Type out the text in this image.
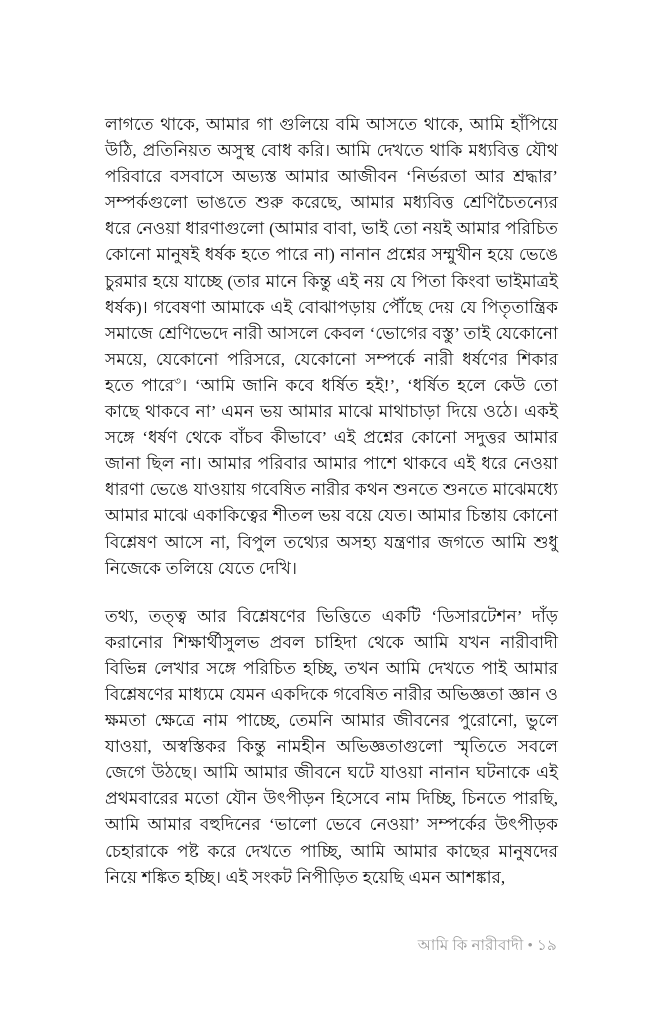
লাগতে থাকে, আমার গা গুলিয়ে বমি আসতে থাকে, আমি হাঁপিয়ে উঠি, প্রতিনিয়ত অসুস্থ বোধ করি। আমি দেখতে থাকি মধ্যবিত্ত যৌথ পরিবারে বসবাসে অভ্যস্ত আমার আজীবন ‘নির্ভরতা আর শ্রদ্ধার’ সম্পর্কগুলো ভাঙতে শুরু করেছে, আমার মধ্যবিত্ত শ্রেণিচৈতন্যের ধরে নেওয়া ধারণাগুলো (আমার বাবা, ভাই তো নয়ই আমার পরিচিত কোনো মানুষই ধর্ষক হতে পারে না) নানান প্রশ্নের সম্মুখীন হয়ে ভেঙে চুরমার হয়ে যাচ্ছে (তার মানে কিন্তু এই নয় যে পিতা কিংবা ভাইমাত্রই ধর্ষক)। গবেষণা আমাকে এই বোঝাপড়ায় পৌঁছে দেয় যে পিতৃতান্ত্রিক সমাজে শ্রেণিভেদে নারী আসলে কেবল ‘ভোগের বস্তু’ তাই যেকোনো সময়ে, যেকোনো পরিসরে, যেকোনো সম্পর্কে নারী ধর্ষণের শিকার হতে পারে$^৩$। ‘আমি জানি কবে ধর্ষিত হই!’, ‘ধর্ষিত হলে কেউ তো কাছে থাকবে না’ এমন ভয় আমার মাঝে মাথাচাড়া দিয়ে ওঠে। একই সঙ্গে ‘ধর্ষণ থেকে বাঁচব কীভাবে’ এই প্রশ্নের কোনো সদুত্তর আমার জানা ছিল না। আমার পরিবার আমার পাশে থাকবে এই ধরে নেওয়া ধারণা ভেঙে যাওয়ায় গবেষিত নারীর কথন শুনতে শুনতে মাঝেমধ্যে আমার মাঝে একাকিত্বের শীতল ভয় বয়ে যেত। আমার চিন্তায় কোনো বিশ্লেষণ আসে না, বিপুল তথ্যের অসহ্য যন্ত্রণার জগতে আমি শুধু নিজেকে তলিয়ে যেতে দেখি।

তথ্য, তত্ত্ব আর বিশ্লেষণের ভিত্তিতে একটি ‘ডিসারটেশন’ দাঁড় করানোর শিক্ষার্থীসুলভ প্রবল চাহিদা থেকে আমি যখন নারীবাদী বিভিন্ন লেখার সঙ্গে পরিচিত হচ্ছি, তখন আমি দেখতে পাই আমার বিশ্লেষণের মাধ্যমে যেমন একদিকে গবেষিত নারীর অভিজ্ঞতা জ্ঞান ও ক্ষমতা ক্ষেত্রে নাম পাচ্ছে, তেমনি আমার জীবনের পুরোনো, ভুলে যাওয়া, অস্বস্তিকর কিন্তু নামহীন অভিজ্ঞতাগুলো স্মৃতিতে সবলে জেগে উঠছে। আমি আমার জীবনে ঘটে যাওয়া নানান ঘটনাকে এই প্রথমবারের মতো যৌন উৎপীড়ন হিসেবে নাম দিচ্ছি, চিনতে পারছি, আমি আমার বহুদিনের ‘ভালো ভেবে নেওয়া’ সম্পর্কের উৎপীড়ক চেহারাকে পষ্ট করে দেখতে পাচ্ছি, আমি আমার কাছের মানুষদের নিয়ে শঙ্কিত হচ্ছি। এই সংকট নিপীড়িত হয়েছি এমন আশঙ্কার,

আমি কি নারীবাদী • ১৯
